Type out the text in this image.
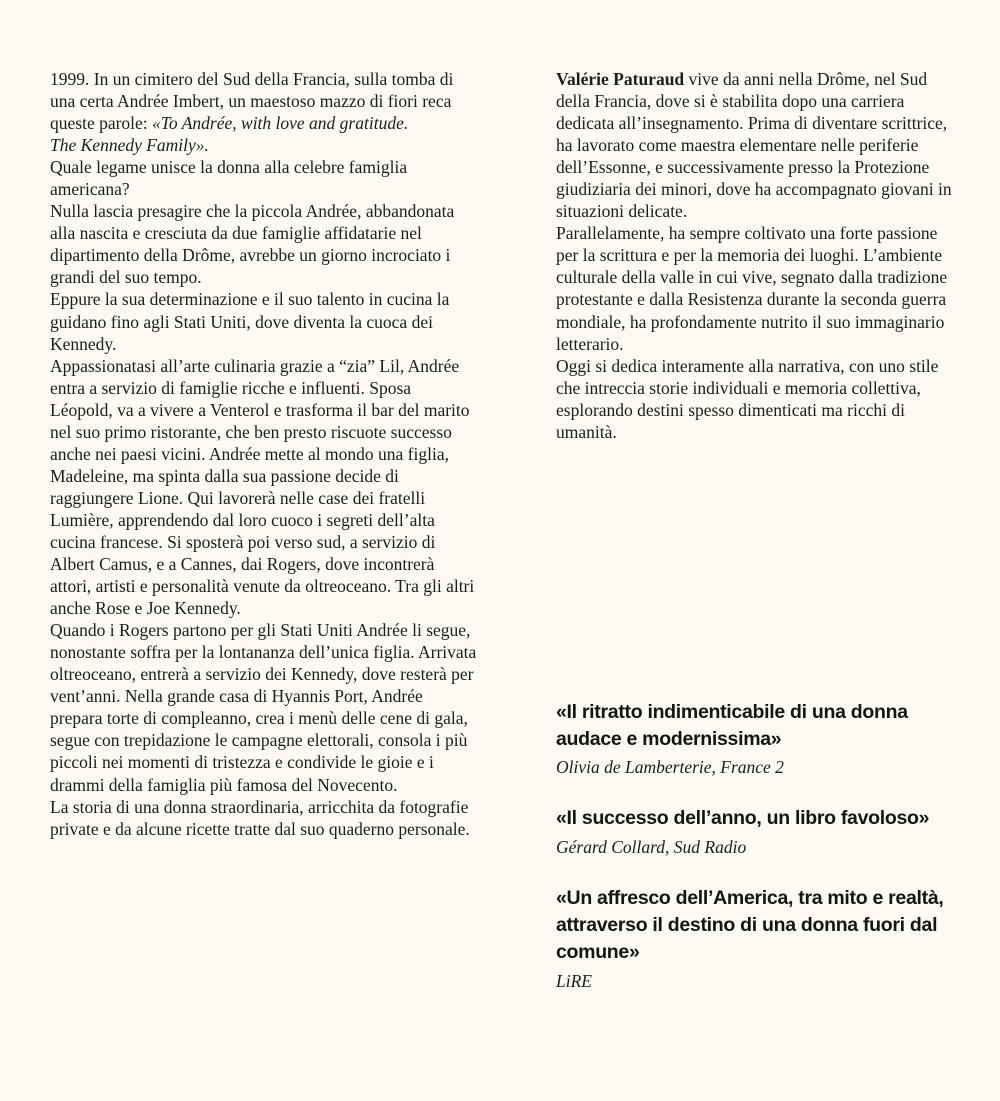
1999. In un cimitero del Sud della Francia, sulla tomba di una certa Andrée Imbert, un maestoso mazzo di fiori reca queste parole: «To Andrée, with love and gratitude.
The Kennedy Family».

Quale legame unisce la donna alla celebre famiglia americana?

Nulla lascia presagire che la piccola Andrée, abbandonata alla nascita e cresciuta da due famiglie affidatarie nel dipartimento della Drôme, avrebbe un giorno incrociato i grandi del suo tempo.

Eppure la sua determinazione e il suo talento in cucina la guidano fino agli Stati Uniti, dove diventa la cuoca dei Kennedy.

Appassionatasi all’arte culinaria grazie a “zia” Lil, Andrée entra a servizio di famiglie ricche e influenti. Sposa Léopold, va a vivere a Venterol e trasforma il bar del marito nel suo primo ristorante, che ben presto riscuote successo anche nei paesi vicini. Andrée mette al mondo una figlia, Madeleine, ma spinta dalla sua passione decide di raggiungere Lione. Qui lavorerà nelle case dei fratelli Lumière, apprendendo dal loro cuoco i segreti dell’alta cucina francese. Si sposterà poi verso sud, a servizio di Albert Camus, e a Cannes, dai Rogers, dove incontrerà attori, artisti e personalità venute da oltreoceano. Tra gli altri anche Rose e Joe Kennedy.

Quando i Rogers partono per gli Stati Uniti Andrée li segue, nonostante soffra per la lontananza dell’unica figlia. Arrivata oltreoceano, entrerà a servizio dei Kennedy, dove resterà per vent’anni. Nella grande casa di Hyannis Port, Andrée prepara torte di compleanno, crea i menù delle cene di gala, segue con trepidazione le campagne elettorali, consola i più piccoli nei momenti di tristezza e condivide le gioie e i drammi della famiglia più famosa del Novecento.

La storia di una donna straordinaria, arricchita da fotografie private e da alcune ricette tratte dal suo quaderno personale.

Valérie Paturaud vive da anni nella Drôme, nel Sud della Francia, dove si è stabilita dopo una carriera dedicata all’insegnamento. Prima di diventare scrittrice, ha lavorato come maestra elementare nelle periferie dell’Essonne, e successivamente presso la Protezione giudiziaria dei minori, dove ha accompagnato giovani in situazioni delicate.

Parallelamente, ha sempre coltivato una forte passione per la scrittura e per la memoria dei luoghi. L’ambiente culturale della valle in cui vive, segnato dalla tradizione protestante e dalla Resistenza durante la seconda guerra mondiale, ha profondamente nutrito il suo immaginario letterario.

Oggi si dedica interamente alla narrativa, con uno stile che intreccia storie individuali e memoria collettiva, esplorando destini spesso dimenticati ma ricchi di umanità.

«Il ritratto indimenticabile di una donna audace e modernissima»
Olivia de Lamberterie, France 2
«Il successo dell’anno, un libro favoloso»
Gérard Collard, Sud Radio
«Un affresco dell’America, tra mito e realtà, attraverso il destino di una donna fuori dal comune»
LiRE
